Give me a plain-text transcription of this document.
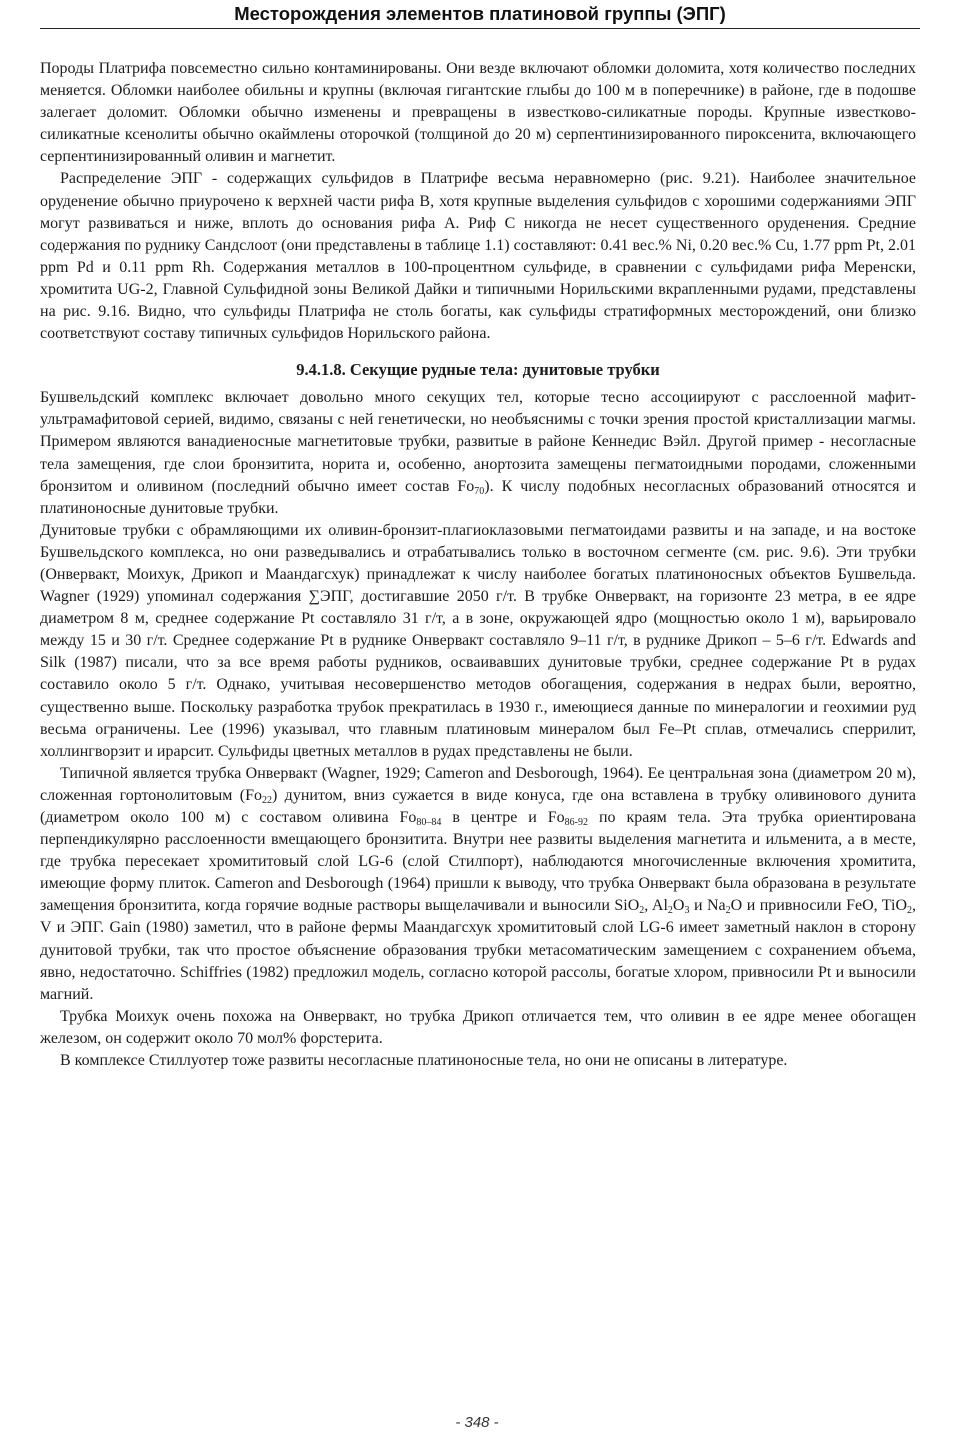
Месторождения элементов платиновой группы (ЭПГ)

Породы Платрифа повсеместно сильно контаминированы. Они везде включают обломки доломита, хотя количество последних меняется. Обломки наиболее обильны и крупны (включая гигантские глыбы до 100 м в поперечнике) в районе, где в подошве залегает доломит. Обломки обычно изменены и превращены в известково-силикатные породы. Крупные известково-силикатные ксенолиты обычно окаймлены оторочкой (толщиной до 20 м) серпентинизированного пироксенита, включающего серпентинизированный оливин и магнетит.

Распределение ЭПГ - содержащих сульфидов в Платрифе весьма неравномерно (рис. 9.21). Наиболее значительное оруденение обычно приурочено к верхней части рифа В, хотя крупные выделения сульфидов с хорошими содержаниями ЭПГ могут развиваться и ниже, вплоть до основания рифа А. Риф С никогда не несет существенного оруденения. Средние содержания по руднику Сандслоот (они представлены в таблице 1.1) составляют: 0.41 вес.% Ni, 0.20 вес.% Cu, 1.77 ppm Pt, 2.01 ppm Pd и 0.11 ppm Rh. Содержания металлов в 100-процентном сульфиде, в сравнении с сульфидами рифа Меренски, хромитита UG-2, Главной Сульфидной зоны Великой Дайки и типичными Норильскими вкрапленными рудами, представлены на рис. 9.16. Видно, что сульфиды Платрифа не столь богаты, как сульфиды стратиформных месторождений, они близко соответствуют составу типичных сульфидов Норильского района.

9.4.1.8. Секущие рудные тела: дунитовые трубки

Бушвельдский комплекс включает довольно много секущих тел, которые тесно ассоциируют с расслоенной мафит-ультрамафитовой серией, видимо, связаны с ней генетически, но необъяснимы с точки зрения простой кристаллизации магмы. Примером являются ванадиеносные магнетитовые трубки, развитые в районе Кеннедис Вэйл. Другой пример - несогласные тела замещения, где слои бронзитита, норита и, особенно, анортозита замещены пегматоидными породами, сложенными бронзитом и оливином (последний обычно имеет состав $Fo_{70}$). К числу подобных несогласных образований относятся и платиноносные дунитовые трубки.

Дунитовые трубки с обрамляющими их оливин-бронзит-плагиоклазовыми пегматоидами развиты и на западе, и на востоке Бушвельдского комплекса, но они разведывались и отрабатывались только в восточном сегменте (см. рис. 9.6). Эти трубки (Онвервакт, Моихук, Дрикоп и Маандагсхук) принадлежат к числу наиболее богатых платиноносных объектов Бушвельда. Wagner (1929) упоминал содержания ∑ЭПГ, достигавшие 2050 г/т. В трубке Онвервакт, на горизонте 23 метра, в ее ядре диаметром 8 м, среднее содержание Pt составляло 31 г/т, а в зоне, окружающей ядро (мощностью около 1 м), варьировало между 15 и 30 г/т. Среднее содержание Pt в руднике Онвервакт составляло 9–11 г/т, в руднике Дрикоп – 5–6 г/т. Edwards and Silk (1987) писали, что за все время работы рудников, осваивавших дунитовые трубки, среднее содержание Pt в рудах составило около 5 г/т. Однако, учитывая несовершенство методов обогащения, содержания в недрах были, вероятно, существенно выше. Поскольку разработка трубок прекратилась в 1930 г., имеющиеся данные по минералогии и геохимии руд весьма ограничены. Lee (1996) указывал, что главным платиновым минералом был Fe–Pt сплав, отмечались сперрилит, холлингворзит и ирарсит. Сульфиды цветных металлов в рудах представлены не были.

Типичной является трубка Онвервакт (Wagner, 1929; Cameron and Desborough, 1964). Ее центральная зона (диаметром 20 м), сложенная гортонолитовым $(Fo_{22})$ дунитом, вниз сужается в виде конуса, где она вставлена в трубку оливинового дунита (диаметром около 100 м) с составом оливина $Fo_{80-84}$ в центре и $Fo_{86-92}$ по краям тела. Эта трубка ориентирована перпендикулярно расслоенности вмещающего бронзитита. Внутри нее развиты выделения магнетита и ильменита, а в месте, где трубка пересекает хромититовый слой LG-6 (слой Стилпорт), наблюдаются многочисленные включения хромитита, имеющие форму плиток. Cameron and Desborough (1964) пришли к выводу, что трубка Онвервакт была образована в результате замещения бронзитита, когда горячие водные растворы выщелачивали и выносили SiO$_2$, $Al_2O_3$ и $Na_2O$ и привносили FeO, TiO$_2$, V и ЭПГ. Gain (1980) заметил, что в районе фермы Маандагсхук хромититовый слой LG-6 имеет заметный наклон в сторону дунитовой трубки, так что простое объяснение образования трубки метасоматическим замещением с сохранением объема, явно, недостаточно. Schiffries (1982) предложил модель, согласно которой рассолы, богатые хлором, привносили Pt и выносили магний.

Трубка Моихук очень похожа на Онвервакт, но трубка Дрикоп отличается тем, что оливин в ее ядре менее обогащен железом, он содержит около 70 мол% форстерита.

В комплексе Стиллуотер тоже развиты несогласные платиноносные тела, но они не описаны в литературе.

- 348 -
